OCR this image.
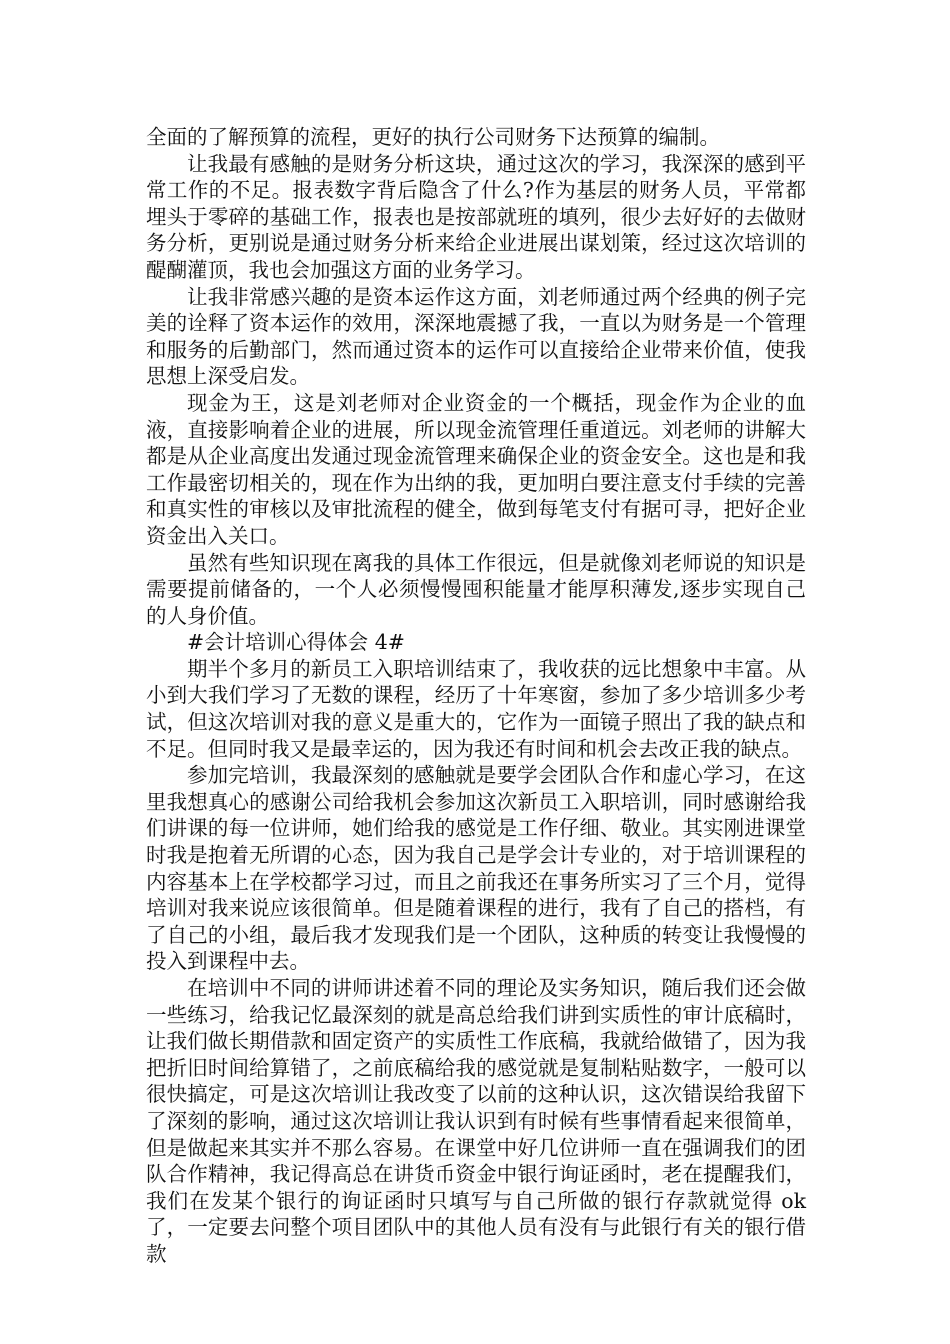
全面的了解预算的流程，更好的执行公司财务下达预算的编制。

让我最有感触的是财务分析这块，通过这次的学习，我深深的感到平常工作的不足。报表数字背后隐含了什么?作为基层的财务人员，平常都埋头于零碎的基础工作，报表也是按部就班的填列，很少去好好的去做财务分析，更别说是通过财务分析来给企业进展出谋划策，经过这次培训的醍醐灌顶，我也会加强这方面的业务学习。

让我非常感兴趣的是资本运作这方面，刘老师通过两个经典的例子完美的诠释了资本运作的效用，深深地震撼了我，一直以为财务是一个管理和服务的后勤部门，然而通过资本的运作可以直接给企业带来价值，使我思想上深受启发。

现金为王，这是刘老师对企业资金的一个概括，现金作为企业的血液，直接影响着企业的进展，所以现金流管理任重道远。刘老师的讲解大都是从企业高度出发通过现金流管理来确保企业的资金安全。这也是和我工作最密切相关的，现在作为出纳的我，更加明白要注意支付手续的完善和真实性的审核以及审批流程的健全，做到每笔支付有据可寻，把好企业资金出入关口。

虽然有些知识现在离我的具体工作很远，但是就像刘老师说的知识是需要提前储备的，一个人必须慢慢囤积能量才能厚积薄发,逐步实现自己的人身价值。

#会计培训心得体会 4#

期半个多月的新员工入职培训结束了，我收获的远比想象中丰富。从小到大我们学习了无数的课程，经历了十年寒窗，参加了多少培训多少考试，但这次培训对我的意义是重大的，它作为一面镜子照出了我的缺点和不足。但同时我又是最幸运的，因为我还有时间和机会去改正我的缺点。

参加完培训，我最深刻的感触就是要学会团队合作和虚心学习，在这里我想真心的感谢公司给我机会参加这次新员工入职培训，同时感谢给我们讲课的每一位讲师，她们给我的感觉是工作仔细、敬业。其实刚进课堂时我是抱着无所谓的心态，因为我自己是学会计专业的，对于培训课程的内容基本上在学校都学习过，而且之前我还在事务所实习了三个月，觉得培训对我来说应该很简单。但是随着课程的进行，我有了自己的搭档，有了自己的小组，最后我才发现我们是一个团队，这种质的转变让我慢慢的投入到课程中去。

在培训中不同的讲师讲述着不同的理论及实务知识，随后我们还会做一些练习，给我记忆最深刻的就是高总给我们讲到实质性的审计底稿时，让我们做长期借款和固定资产的实质性工作底稿，我就给做错了，因为我把折旧时间给算错了，之前底稿给我的感觉就是复制粘贴数字，一般可以很快搞定，可是这次培训让我改变了以前的这种认识，这次错误给我留下了深刻的影响，通过这次培训让我认识到有时候有些事情看起来很简单，但是做起来其实并不那么容易。在课堂中好几位讲师一直在强调我们的团队合作精神，我记得高总在讲货币资金中银行询证函时，老在提醒我们，我们在发某个银行的询证函时只填写与自己所做的银行存款就觉得 ok 了，一定要去问整个项目团队中的其他人员有没有与此银行有关的银行借款
